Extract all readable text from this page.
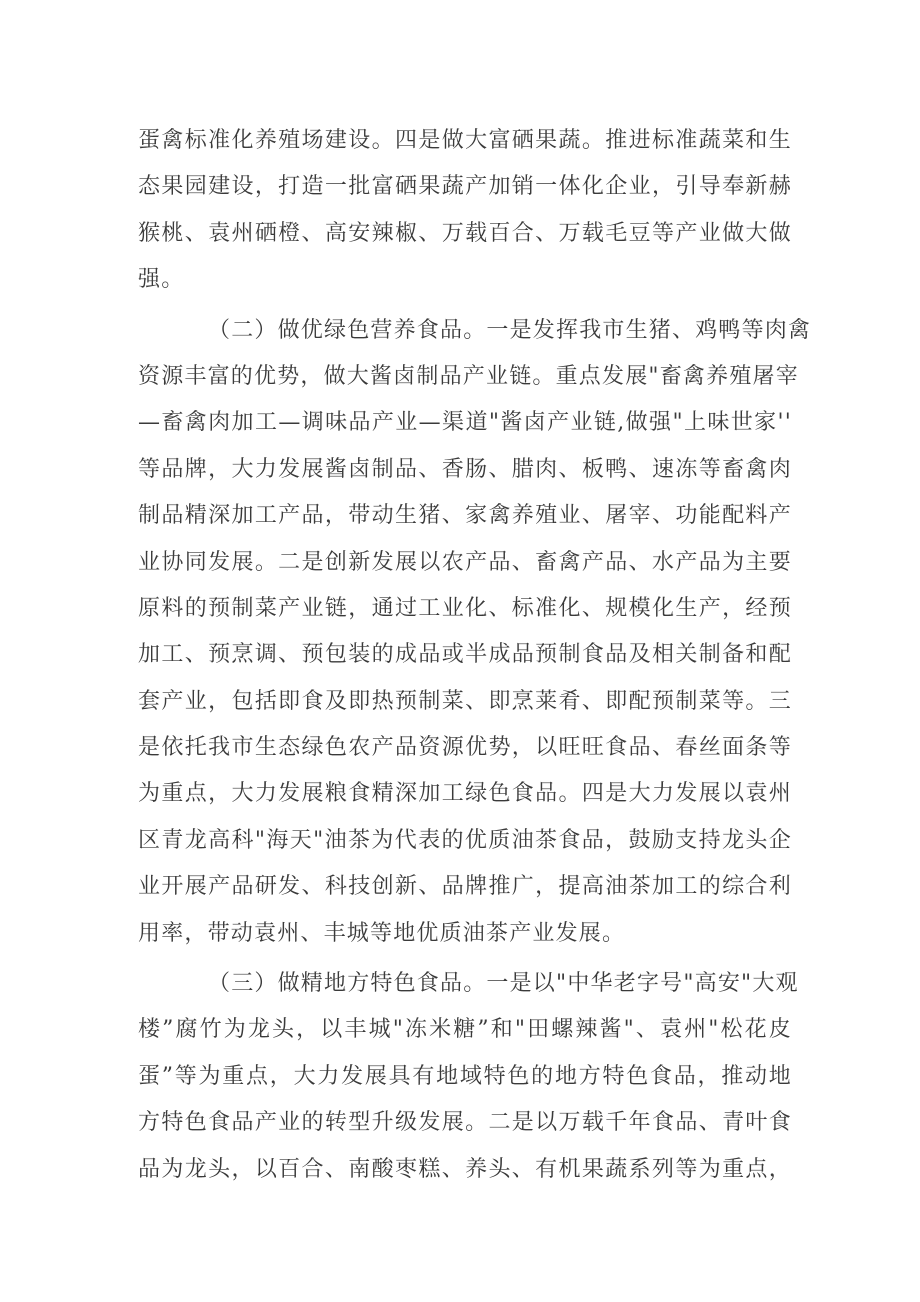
蛋禽标准化养殖场建设。四是做大富硒果蔬。推进标准蔬菜和生
态果园建设，打造一批富硒果蔬产加销一体化企业，引导奉新赫
猴桃、袁州硒橙、高安辣椒、万载百合、万载毛豆等产业做大做
强。
（二）做优绿色营养食品。一是发挥我市生猪、鸡鸭等肉禽
资源丰富的优势，做大酱卤制品产业链。重点发展"畜禽养殖屠宰
—畜禽肉加工—调味品产业—渠道"酱卤产业链,做强"上味世家''
等品牌，大力发展酱卤制品、香肠、腊肉、板鸭、速冻等畜禽肉
制品精深加工产品，带动生猪、家禽养殖业、屠宰、功能配料产
业协同发展。二是创新发展以农产品、畜禽产品、水产品为主要
原料的预制菜产业链，通过工业化、标准化、规模化生产，经预
加工、预烹调、预包装的成品或半成品预制食品及相关制备和配
套产业，包括即食及即热预制菜、即烹莱肴、即配预制菜等。三
是依托我市生态绿色农产品资源优势，以旺旺食品、春丝面条等
为重点，大力发展粮食精深加工绿色食品。四是大力发展以袁州
区青龙高科"海天"油茶为代表的优质油茶食品，鼓励支持龙头企
业开展产品研发、科技创新、品牌推广，提高油茶加工的综合利
用率，带动袁州、丰城等地优质油茶产业发展。
（三）做精地方特色食品。一是以"中华老字号"高安"大观
楼”腐竹为龙头，以丰城"冻米糖”和"田螺辣酱"、袁州"松花皮
蛋”等为重点，大力发展具有地域特色的地方特色食品，推动地
方特色食品产业的转型升级发展。二是以万载千年食品、青叶食
品为龙头，以百合、南酸枣糕、养头、有机果蔬系列等为重点，
